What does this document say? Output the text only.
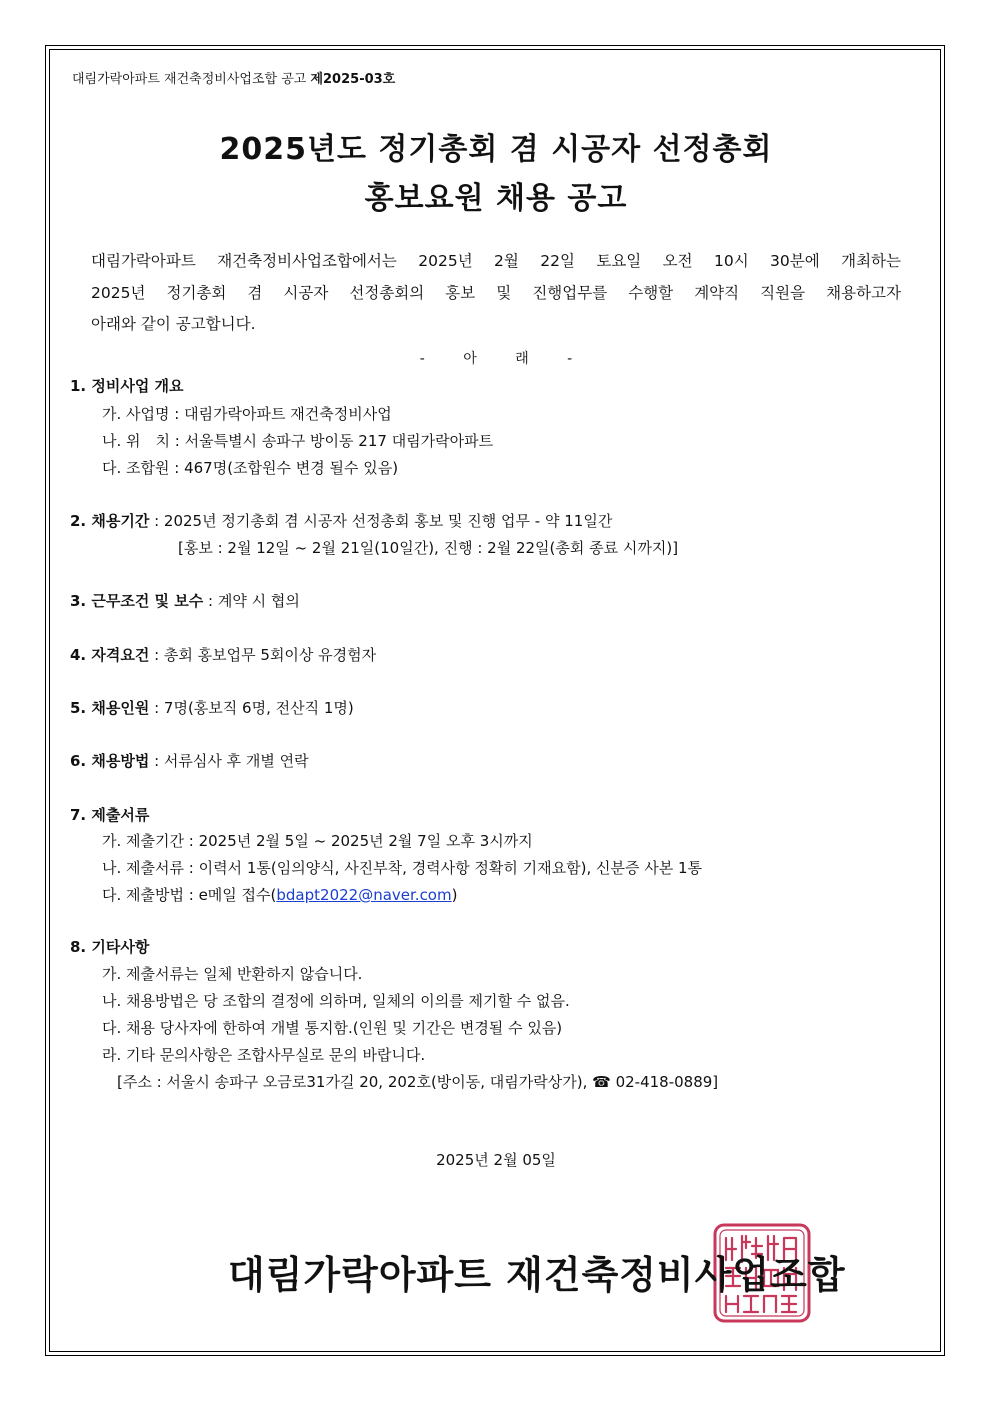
대림가락아파트 재건축정비사업조합 공고 제2025-03호
2025년도 정기총회 겸 시공자 선정총회
홍보요원 채용 공고
대림가락아파트 재건축정비사업조합에서는 2025년 2월 22일 토요일 오전 10시 30분에 개최하는
2025년 정기총회 겸 시공자 선정총회의 홍보 및 진행업무를 수행할 계약직 직원을 채용하고자
아래와 같이 공고합니다.
- 아 래 -
1. 정비사업 개요
가. 사업명 : 대림가락아파트 재건축정비사업
나. 위　치 : 서울특별시 송파구 방이동 217 대림가락아파트
다. 조합원 : 467명(조합원수 변경 될수 있음)
2. 채용기간 : 2025년 정기총회 겸 시공자 선정총회 홍보 및 진행 업무 - 약 11일간
[홍보 : 2월 12일 ~ 2월 21일(10일간), 진행 : 2월 22일(총회 종료 시까지)]
3. 근무조건 및 보수 : 계약 시 협의
4. 자격요건 : 총회 홍보업무 5회이상 유경험자
5. 채용인원 : 7명(홍보직 6명, 전산직 1명)
6. 채용방법 : 서류심사 후 개별 연락
7. 제출서류
가. 제출기간 : 2025년 2월 5일 ~ 2025년 2월 7일 오후 3시까지
나. 제출서류 : 이력서 1통(임의양식, 사진부착, 경력사항 정확히 기재요함), 신분증 사본 1통
다. 제출방법 : e메일 접수(bdapt2022@naver.com)
8. 기타사항
가. 제출서류는 일체 반환하지 않습니다.
나. 채용방법은 당 조합의 결정에 의하며, 일체의 이의를 제기할 수 없음.
다. 채용 당사자에 한하여 개별 통지함.(인원 및 기간은 변경될 수 있음)
라. 기타 문의사항은 조합사무실로 문의 바랍니다.
[주소 : 서울시 송파구 오금로31가길 20, 202호(방이동, 대림가락상가), ☎ 02-418-0889]
2025년 2월 05일
대림가락아파트 재건축정비사업조합
